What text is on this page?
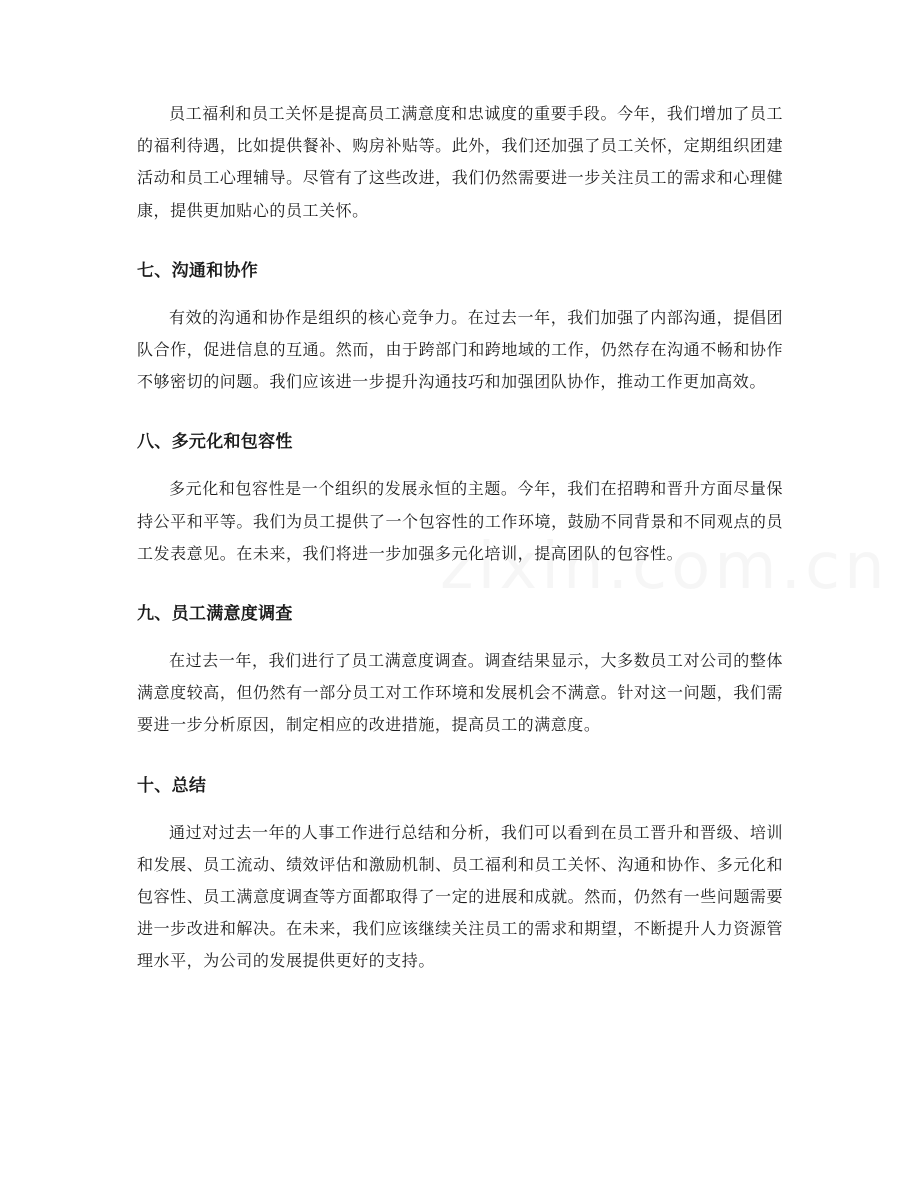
员工福利和员工关怀是提高员工满意度和忠诚度的重要手段。今年，我们增加了员工的福利待遇，比如提供餐补、购房补贴等。此外，我们还加强了员工关怀，定期组织团建活动和员工心理辅导。尽管有了这些改进，我们仍然需要进一步关注员工的需求和心理健康，提供更加贴心的员工关怀。

七、沟通和协作

有效的沟通和协作是组织的核心竞争力。在过去一年，我们加强了内部沟通，提倡团队合作，促进信息的互通。然而，由于跨部门和跨地域的工作，仍然存在沟通不畅和协作不够密切的问题。我们应该进一步提升沟通技巧和加强团队协作，推动工作更加高效。

八、多元化和包容性

多元化和包容性是一个组织的发展永恒的主题。今年，我们在招聘和晋升方面尽量保持公平和平等。我们为员工提供了一个包容性的工作环境，鼓励不同背景和不同观点的员工发表意见。在未来，我们将进一步加强多元化培训，提高团队的包容性。

九、员工满意度调查

在过去一年，我们进行了员工满意度调查。调查结果显示，大多数员工对公司的整体满意度较高，但仍然有一部分员工对工作环境和发展机会不满意。针对这一问题，我们需要进一步分析原因，制定相应的改进措施，提高员工的满意度。

十、总结

通过对过去一年的人事工作进行总结和分析，我们可以看到在员工晋升和晋级、培训和发展、员工流动、绩效评估和激励机制、员工福利和员工关怀、沟通和协作、多元化和包容性、员工满意度调查等方面都取得了一定的进展和成就。然而，仍然有一些问题需要进一步改进和解决。在未来，我们应该继续关注员工的需求和期望，不断提升人力资源管理水平，为公司的发展提供更好的支持。
